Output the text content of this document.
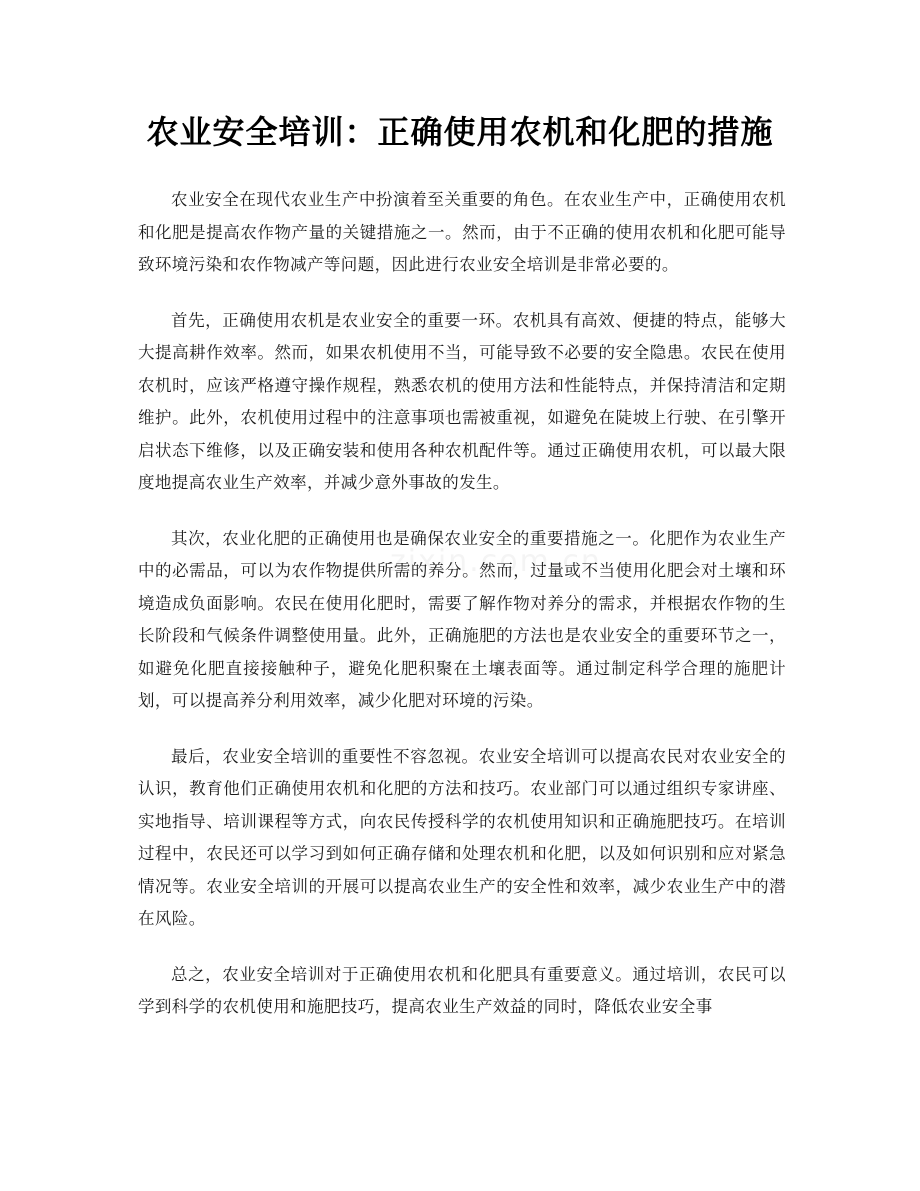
农业安全培训：正确使用农机和化肥的措施

农业安全在现代农业生产中扮演着至关重要的角色。在农业生产中，正确使用农机和化肥是提高农作物产量的关键措施之一。然而，由于不正确的使用农机和化肥可能导致环境污染和农作物减产等问题，因此进行农业安全培训是非常必要的。

首先，正确使用农机是农业安全的重要一环。农机具有高效、便捷的特点，能够大大提高耕作效率。然而，如果农机使用不当，可能导致不必要的安全隐患。农民在使用农机时，应该严格遵守操作规程，熟悉农机的使用方法和性能特点，并保持清洁和定期维护。此外，农机使用过程中的注意事项也需被重视，如避免在陡坡上行驶、在引擎开启状态下维修，以及正确安装和使用各种农机配件等。通过正确使用农机，可以最大限度地提高农业生产效率，并减少意外事故的发生。

其次，农业化肥的正确使用也是确保农业安全的重要措施之一。化肥作为农业生产中的必需品，可以为农作物提供所需的养分。然而，过量或不当使用化肥会对土壤和环境造成负面影响。农民在使用化肥时，需要了解作物对养分的需求，并根据农作物的生长阶段和气候条件调整使用量。此外，正确施肥的方法也是农业安全的重要环节之一，如避免化肥直接接触种子，避免化肥积聚在土壤表面等。通过制定科学合理的施肥计划，可以提高养分利用效率，减少化肥对环境的污染。

最后，农业安全培训的重要性不容忽视。农业安全培训可以提高农民对农业安全的认识，教育他们正确使用农机和化肥的方法和技巧。农业部门可以通过组织专家讲座、实地指导、培训课程等方式，向农民传授科学的农机使用知识和正确施肥技巧。在培训过程中，农民还可以学习到如何正确存储和处理农机和化肥，以及如何识别和应对紧急情况等。农业安全培训的开展可以提高农业生产的安全性和效率，减少农业生产中的潜在风险。

总之，农业安全培训对于正确使用农机和化肥具有重要意义。通过培训，农民可以学到科学的农机使用和施肥技巧，提高农业生产效益的同时，降低农业安全事
